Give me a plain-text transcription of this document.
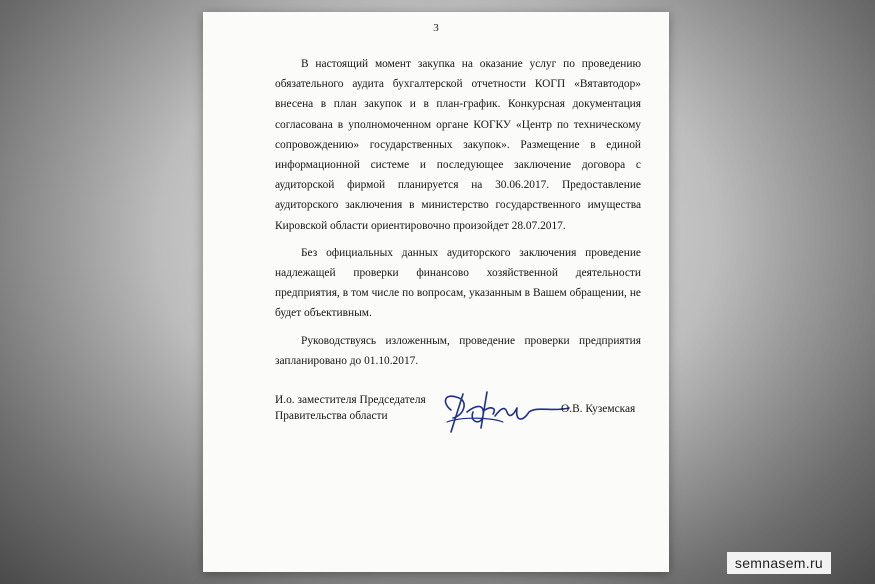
3

В настоящий момент закупка на оказание услуг по проведению обязательного аудита бухгалтерской отчетности КОГП «Вятавтодор» внесена в план закупок и в план-график. Конкурсная документация согласована в уполномоченном органе КОГКУ «Центр по техническому сопровождению» государственных закупок». Размещение в единой информационной системе и последующее заключение договора с аудиторской фирмой планируется на 30.06.2017. Предоставление аудиторского заключения в министерство государственного имущества Кировской области ориентировочно произойдет 28.07.2017.

Без официальных данных аудиторского заключения проведение надлежащей проверки финансово хозяйственной деятельности предприятия, в том числе по вопросам, указанным в Вашем обращении, не будет объективным.

Руководствуясь изложенным, проведение проверки предприятия запланировано до 01.10.2017.

И.о. заместителя Председателя
Правительства области
О.В. Куземская
semnasem.ru
